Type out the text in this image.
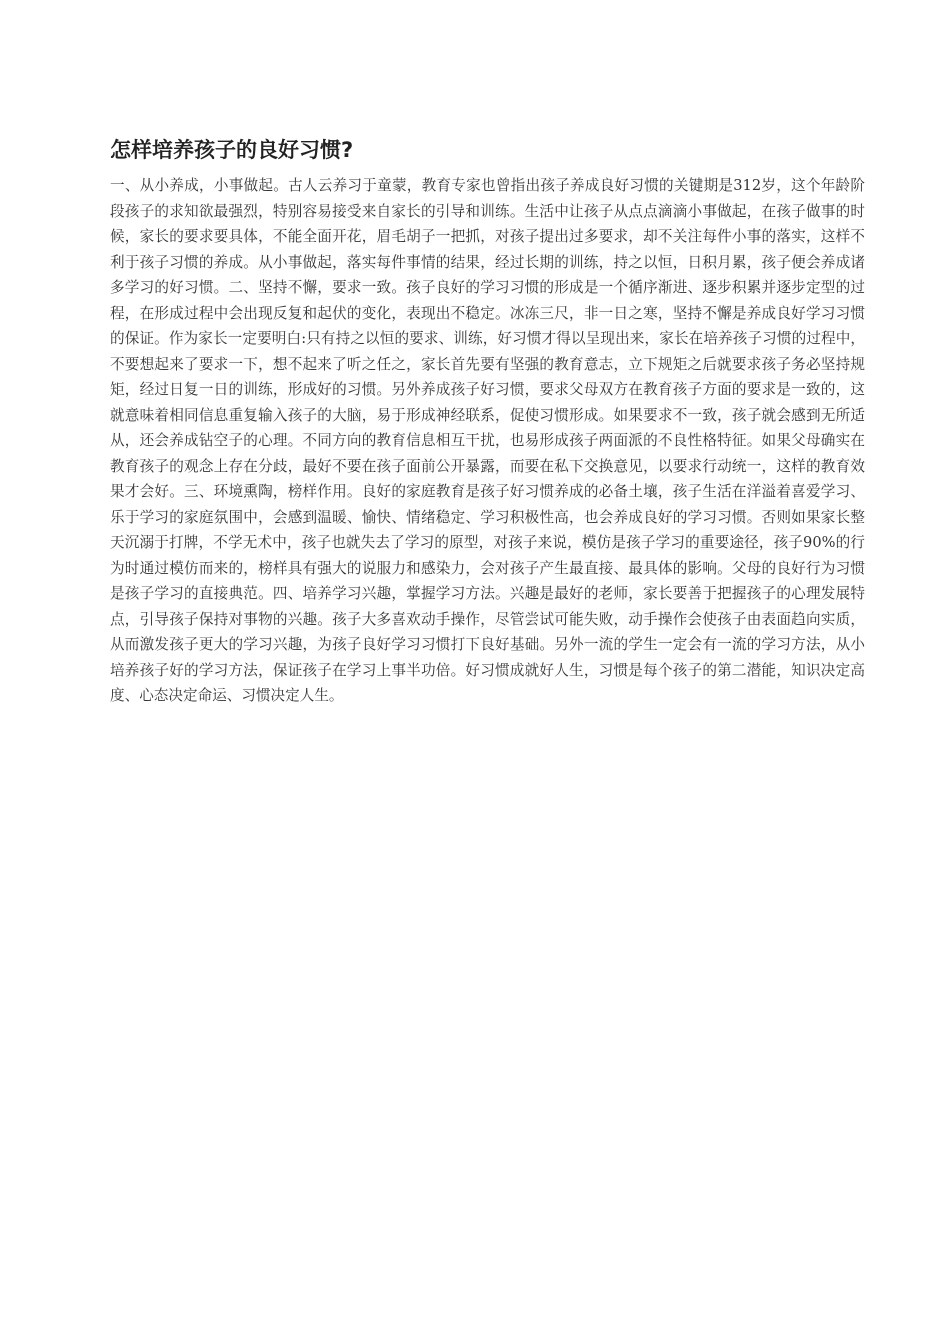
怎样培养孩子的良好习惯?

一、从小养成，小事做起。古人云养习于童蒙，教育专家也曾指出孩子养成良好习惯的关键期是312岁，这个年龄阶段孩子的求知欲最强烈，特别容易接受来自家长的引导和训练。生活中让孩子从点点滴滴小事做起，在孩子做事的时候，家长的要求要具体，不能全面开花，眉毛胡子一把抓，对孩子提出过多要求，却不关注每件小事的落实，这样不利于孩子习惯的养成。从小事做起，落实每件事情的结果，经过长期的训练，持之以恒，日积月累，孩子便会养成诸多学习的好习惯。二、坚持不懈，要求一致。孩子良好的学习习惯的形成是一个循序渐进、逐步积累并逐步定型的过程，在形成过程中会出现反复和起伏的变化，表现出不稳定。冰冻三尺，非一日之寒，坚持不懈是养成良好学习习惯的保证。作为家长一定要明白:只有持之以恒的要求、训练，好习惯才得以呈现出来，家长在培养孩子习惯的过程中，不要想起来了要求一下，想不起来了听之任之，家长首先要有坚强的教育意志，立下规矩之后就要求孩子务必坚持规矩，经过日复一日的训练，形成好的习惯。另外养成孩子好习惯，要求父母双方在教育孩子方面的要求是一致的，这就意味着相同信息重复输入孩子的大脑，易于形成神经联系，促使习惯形成。如果要求不一致，孩子就会感到无所适从，还会养成钻空子的心理。不同方向的教育信息相互干扰，也易形成孩子两面派的不良性格特征。如果父母确实在教育孩子的观念上存在分歧，最好不要在孩子面前公开暴露，而要在私下交换意见，以要求行动统一，这样的教育效果才会好。三、环境熏陶，榜样作用。良好的家庭教育是孩子好习惯养成的必备土壤，孩子生活在洋溢着喜爱学习、乐于学习的家庭氛围中，会感到温暖、愉快、情绪稳定、学习积极性高，也会养成良好的学习习惯。否则如果家长整天沉溺于打牌，不学无术中，孩子也就失去了学习的原型，对孩子来说，模仿是孩子学习的重要途径，孩子90%的行为时通过模仿而来的，榜样具有强大的说服力和感染力，会对孩子产生最直接、最具体的影响。父母的良好行为习惯是孩子学习的直接典范。四、培养学习兴趣，掌握学习方法。兴趣是最好的老师，家长要善于把握孩子的心理发展特点，引导孩子保持对事物的兴趣。孩子大多喜欢动手操作，尽管尝试可能失败，动手操作会使孩子由表面趋向实质，从而激发孩子更大的学习兴趣，为孩子良好学习习惯打下良好基础。另外一流的学生一定会有一流的学习方法，从小培养孩子好的学习方法，保证孩子在学习上事半功倍。好习惯成就好人生，习惯是每个孩子的第二潜能，知识决定高度、心态决定命运、习惯决定人生。
